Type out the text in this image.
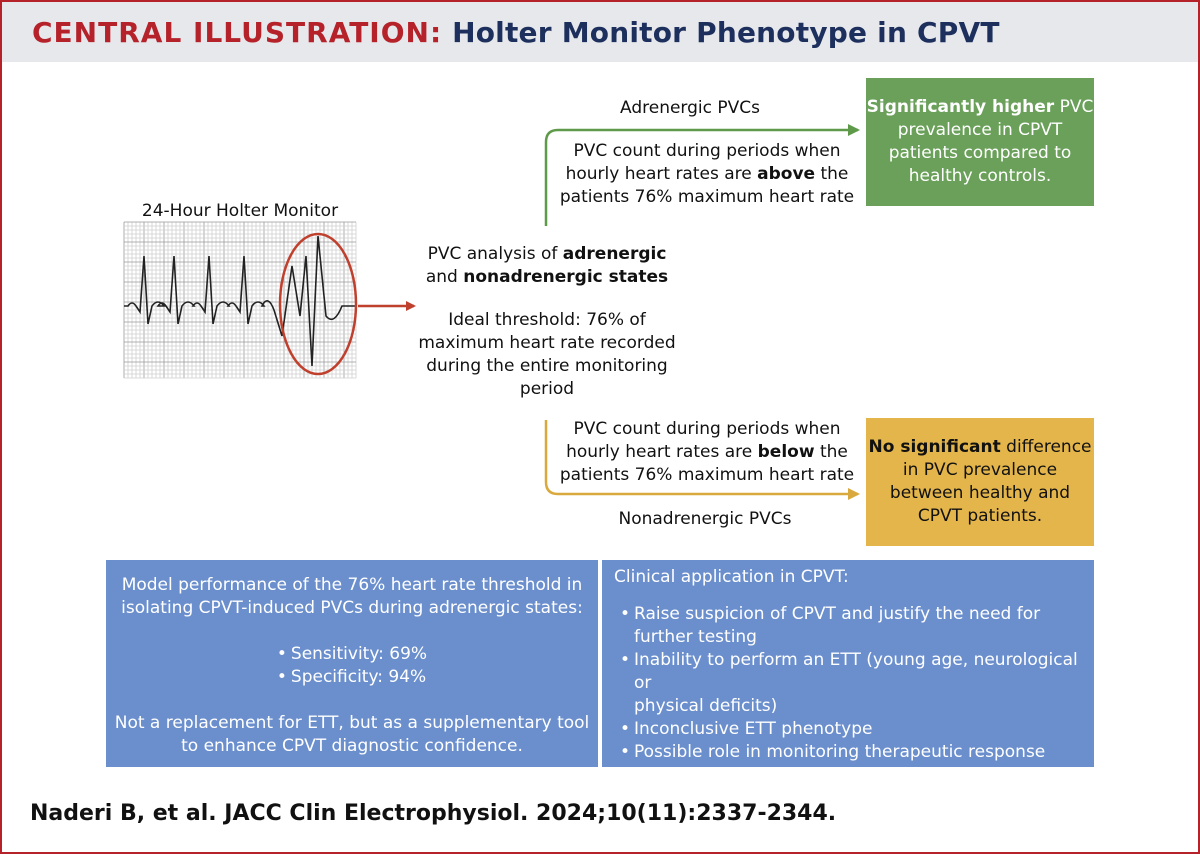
CENTRAL ILLUSTRATION: Holter Monitor Phenotype in CPVT
24-Hour Holter Monitor
PVC analysis of adrenergic
and nonadrenergic states
Ideal threshold: 76% of
maximum heart rate recorded
during the entire monitoring
period
Adrenergic PVCs
PVC count during periods when
hourly heart rates are above the
patients 76% maximum heart rate
Significantly higher PVC
prevalence in CPVT
patients compared to
healthy controls.
PVC count during periods when
hourly heart rates are below the
patients 76% maximum heart rate
Nonadrenergic PVCs
No significant difference
in PVC prevalence
between healthy and
CPVT patients.
Model performance of the 76% heart rate threshold in
isolating CPVT-induced PVCs during adrenergic states:
• Sensitivity: 69%
• Specificity: 94%
Not a replacement for ETT, but as a supplementary tool
to enhance CPVT diagnostic confidence.
Clinical application in CPVT:
• Raise suspicion of CPVT and justify the need for
further testing
• Inability to perform an ETT (young age, neurological or
physical deficits)
• Inconclusive ETT phenotype
• Possible role in monitoring therapeutic response
• May reflect "real world" risk assessment
Naderi B, et al. JACC Clin Electrophysiol. 2024;10(11):2337-2344.
